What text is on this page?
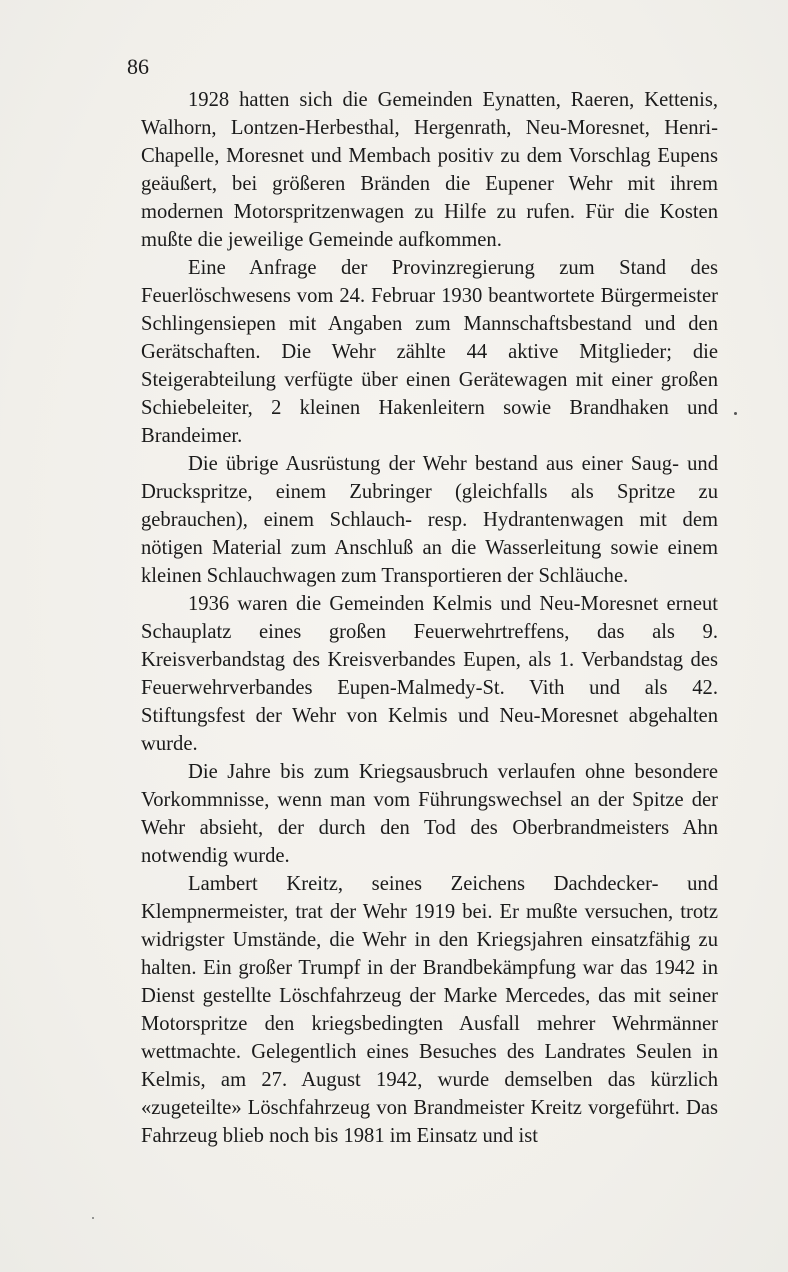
86

1928 hatten sich die Gemeinden Eynatten, Raeren, Kettenis, Walhorn, Lontzen-Herbesthal, Hergenrath, Neu-Moresnet, Henri-Chapelle, Moresnet und Membach positiv zu dem Vorschlag Eupens geäußert, bei größeren Bränden die Eupener Wehr mit ihrem modernen Motorspritzenwagen zu Hilfe zu rufen. Für die Kosten mußte die jeweilige Gemeinde aufkommen.

Eine Anfrage der Provinzregierung zum Stand des Feuerlöschwesens vom 24. Februar 1930 beantwortete Bürgermeister Schlingensiepen mit Angaben zum Mannschaftsbestand und den Gerätschaften. Die Wehr zählte 44 aktive Mitglieder; die Steigerabteilung verfügte über einen Gerätewagen mit einer großen Schiebeleiter, 2 kleinen Hakenleitern sowie Brandhaken und Brandeimer.

Die übrige Ausrüstung der Wehr bestand aus einer Saug- und Druckspritze, einem Zubringer (gleichfalls als Spritze zu gebrauchen), einem Schlauch- resp. Hydrantenwagen mit dem nötigen Material zum Anschluß an die Wasserleitung sowie einem kleinen Schlauchwagen zum Transportieren der Schläuche.

1936 waren die Gemeinden Kelmis und Neu-Moresnet erneut Schauplatz eines großen Feuerwehrtreffens, das als 9. Kreisverbandstag des Kreisverbandes Eupen, als 1. Verbandstag des Feuerwehrverbandes Eupen-Malmedy-St. Vith und als 42. Stiftungsfest der Wehr von Kelmis und Neu-Moresnet abgehalten wurde.

Die Jahre bis zum Kriegsausbruch verlaufen ohne besondere Vorkommnisse, wenn man vom Führungswechsel an der Spitze der Wehr absieht, der durch den Tod des Oberbrandmeisters Ahn notwendig wurde.

Lambert Kreitz, seines Zeichens Dachdecker- und Klempnermeister, trat der Wehr 1919 bei. Er mußte versuchen, trotz widrigster Umstände, die Wehr in den Kriegsjahren einsatzfähig zu halten. Ein großer Trumpf in der Brandbekämpfung war das 1942 in Dienst gestellte Löschfahrzeug der Marke Mercedes, das mit seiner Motorspritze den kriegsbedingten Ausfall mehrer Wehrmänner wettmachte. Gelegentlich eines Besuches des Landrates Seulen in Kelmis, am 27. August 1942, wurde demselben das kürzlich «zugeteilte» Löschfahrzeug von Brandmeister Kreitz vorgeführt. Das Fahrzeug blieb noch bis 1981 im Einsatz und ist
